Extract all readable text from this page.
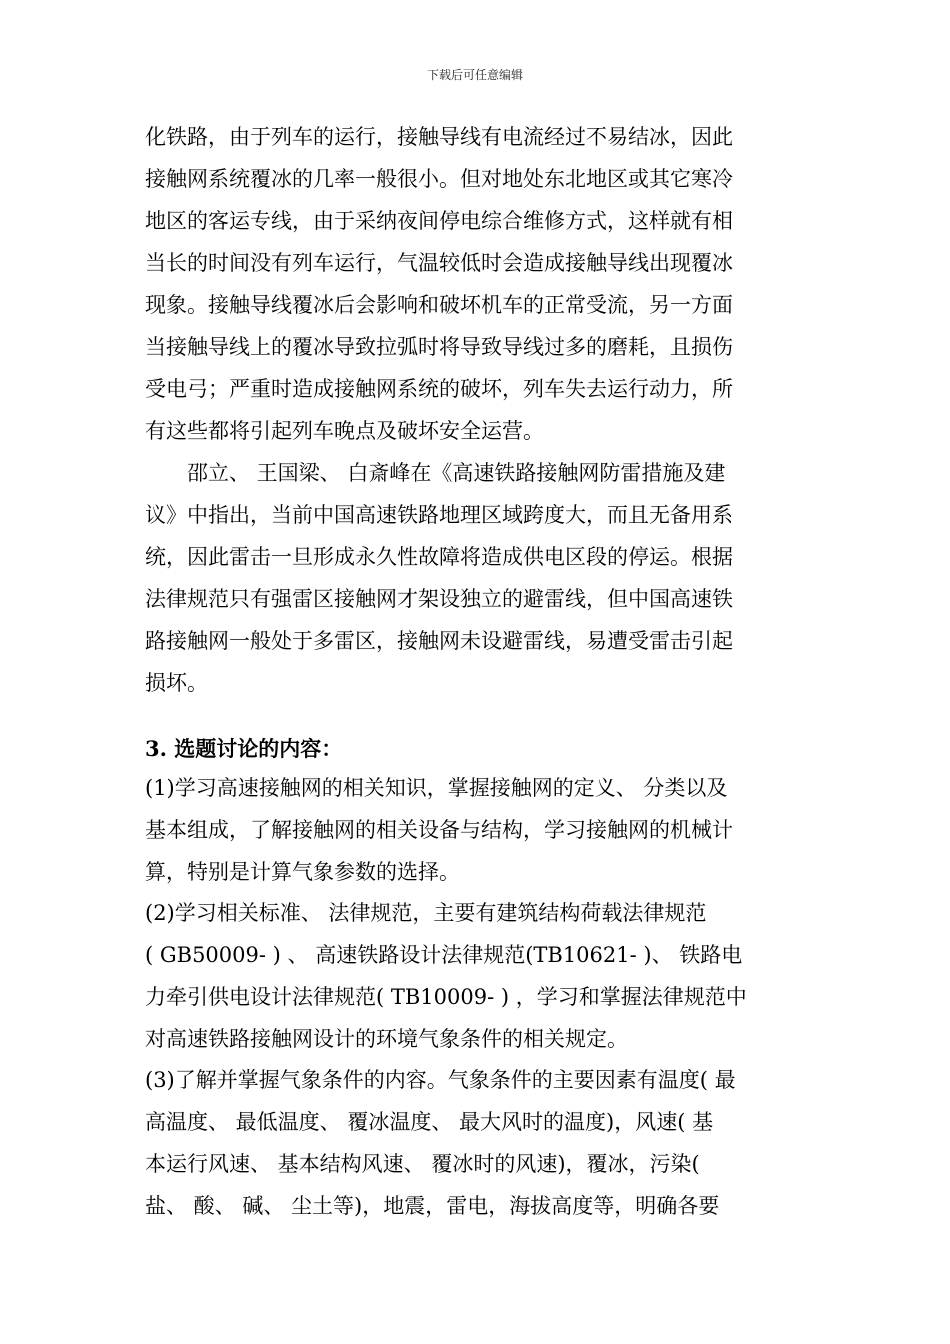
下载后可任意编辑
化铁路，由于列车的运行，接触导线有电流经过不易结冰，因此
接触网系统覆冰的几率一般很小。但对地处东北地区或其它寒冷
地区的客运专线，由于采纳夜间停电综合维修方式，这样就有相
当长的时间没有列车运行，气温较低时会造成接触导线出现覆冰
现象。接触导线覆冰后会影响和破坏机车的正常受流，另一方面
当接触导线上的覆冰导致拉弧时将导致导线过多的磨耗，且损伤
受电弓；严重时造成接触网系统的破坏，列车失去运行动力，所
有这些都将引起列车晚点及破坏安全运营。
　　邵立、 王国梁、 白斎峰在《高速铁路接触网防雷措施及建
议》中指出，当前中国高速铁路地理区域跨度大，而且无备用系
统，因此雷击一旦形成永久性故障将造成供电区段的停运。根据
法律规范只有强雷区接触网才架设独立的避雷线，但中国高速铁
路接触网一般处于多雷区，接触网未设避雷线，易遭受雷击引起
损坏。
3. 选题讨论的内容：
(1)学习高速接触网的相关知识，掌握接触网的定义、 分类以及
基本组成，了解接触网的相关设备与结构，学习接触网的机械计
算，特别是计算气象参数的选择。
(2)学习相关标准、 法律规范，主要有建筑结构荷载法律规范
( GB50009- ) 、 高速铁路设计法律规范(TB10621- )、 铁路电
力牵引供电设计法律规范( TB10009- ) ，学习和掌握法律规范中
对高速铁路接触网设计的环境气象条件的相关规定。
(3)了解并掌握气象条件的内容。气象条件的主要因素有温度( 最
高温度、 最低温度、 覆冰温度、 最大风时的温度)，风速( 基
本运行风速、 基本结构风速、 覆冰时的风速)，覆冰，污染(
盐、 酸、 碱、 尘土等)，地震，雷电，海拔高度等，明确各要
